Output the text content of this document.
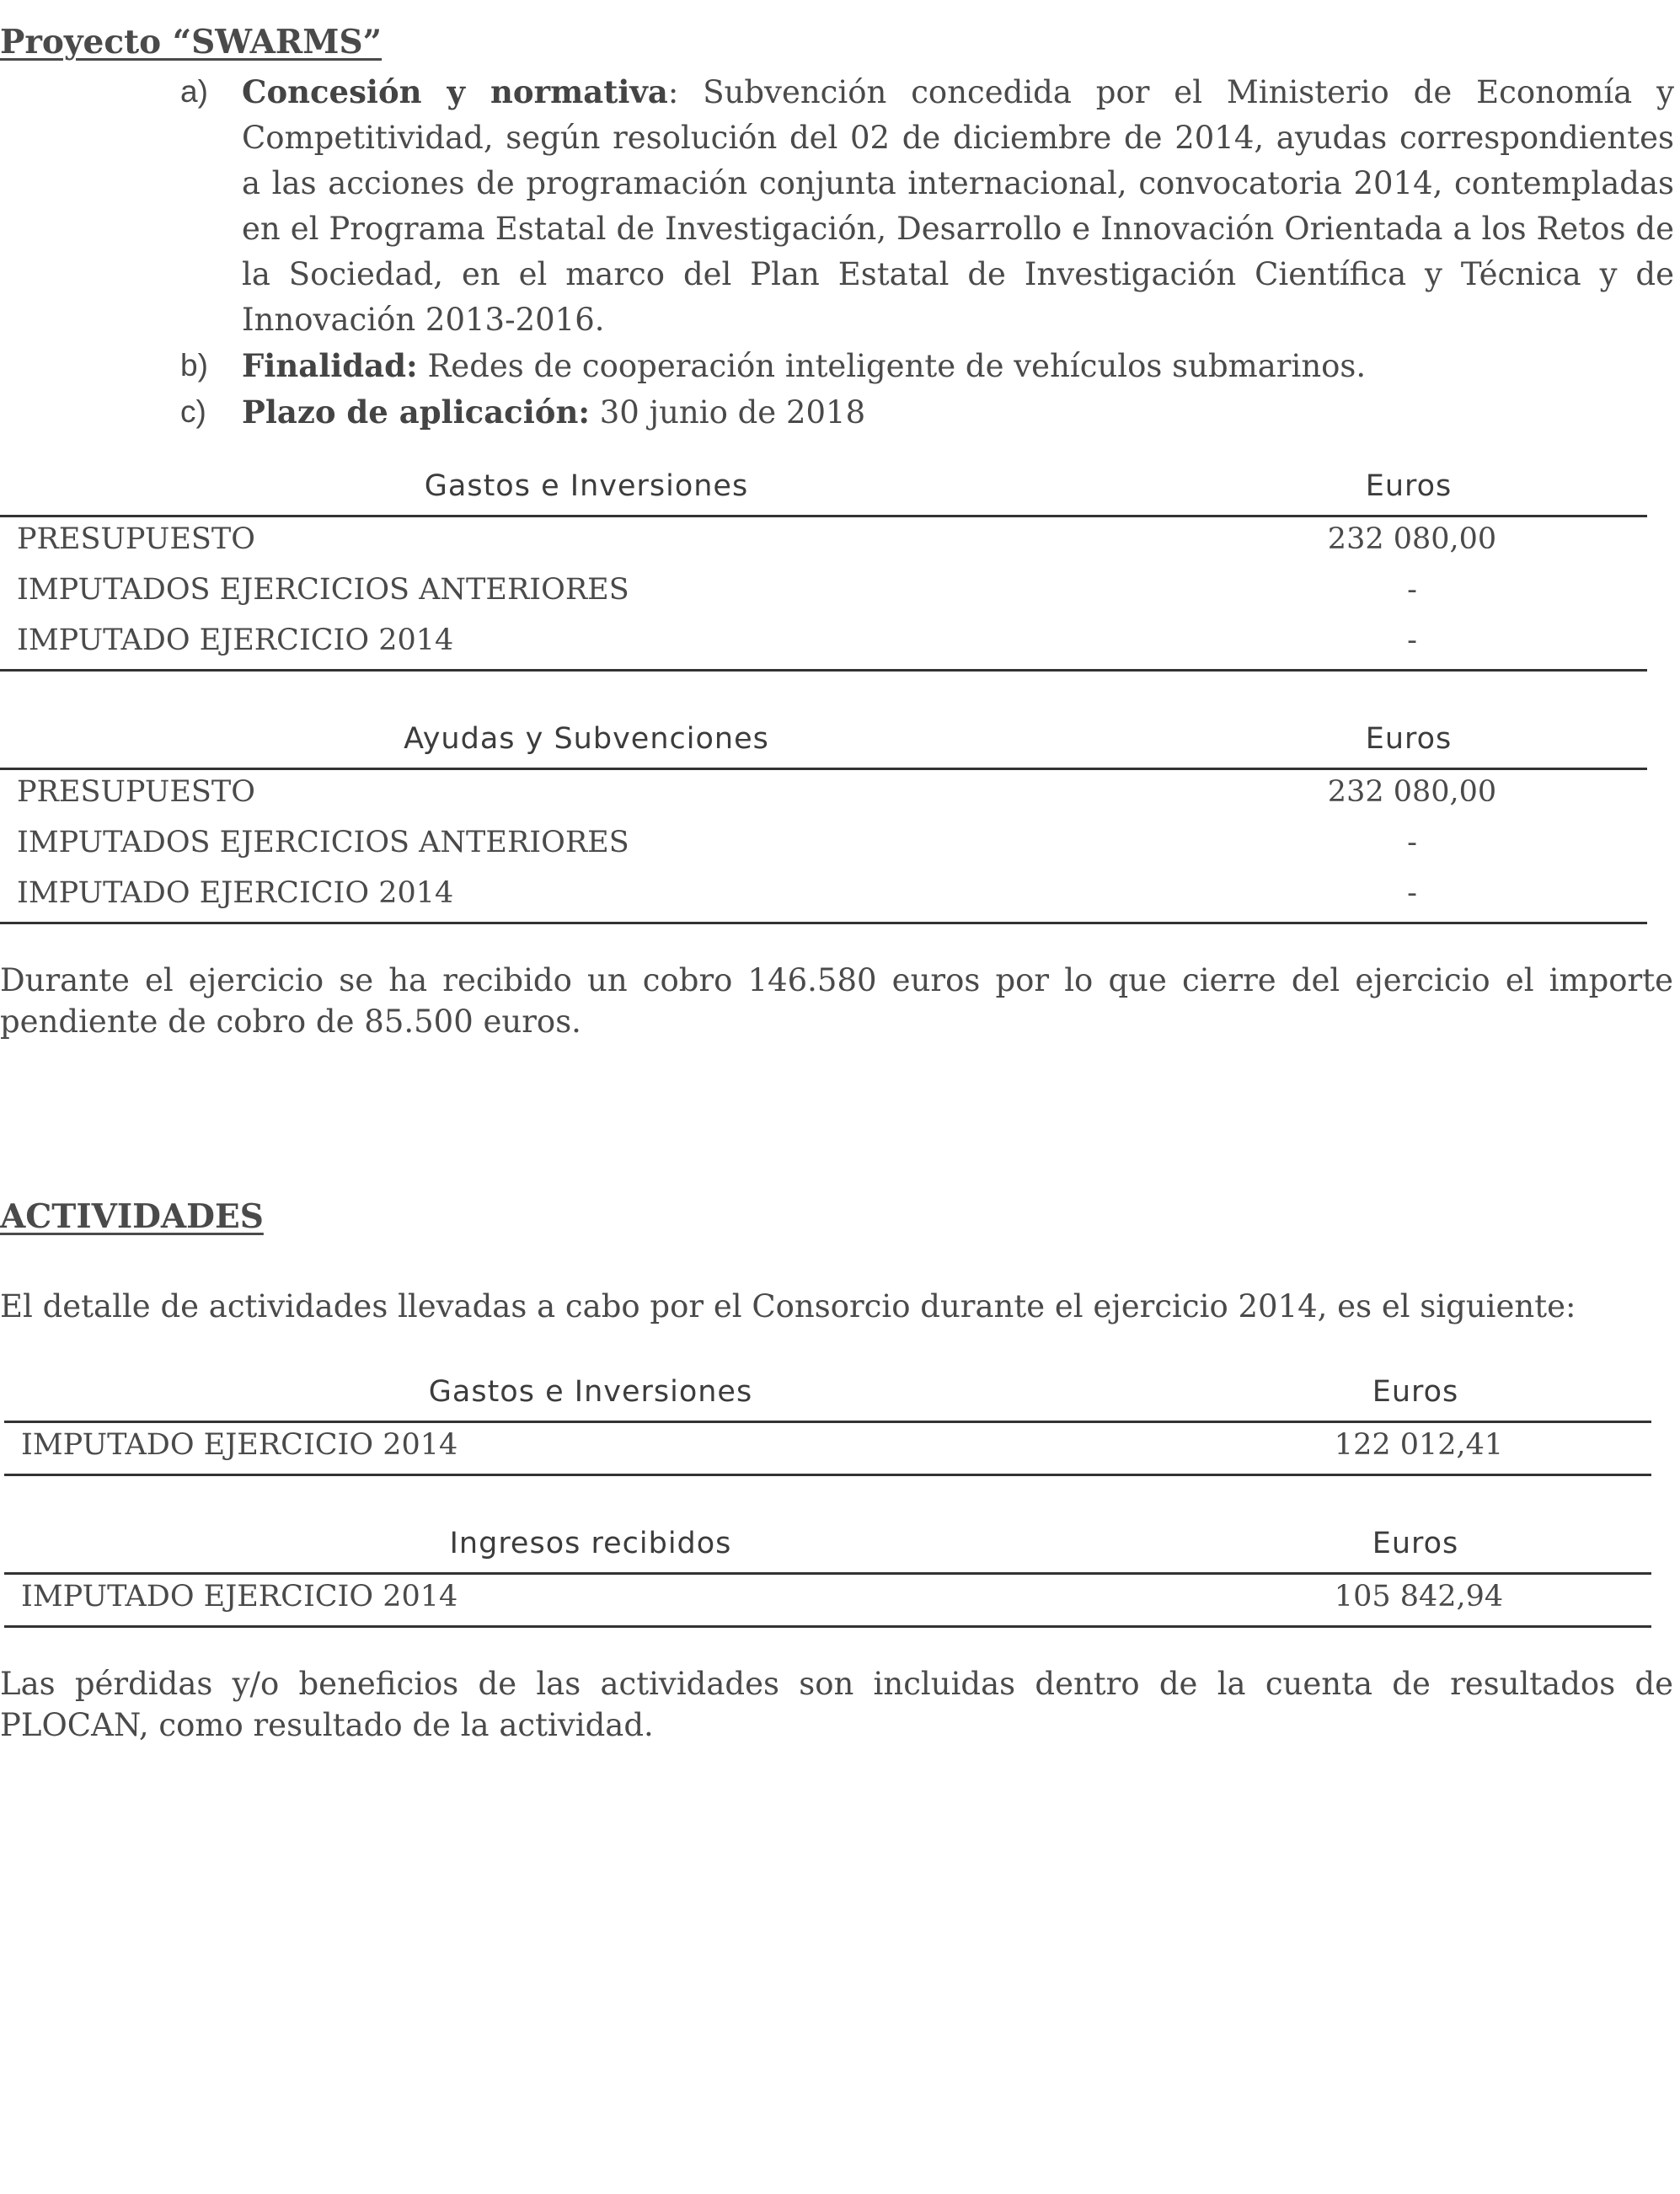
Proyecto “SWARMS”

a) Concesión y normativa: Subvención concedida por el Ministerio de Economía y Competitividad, según resolución del 02 de diciembre de 2014, ayudas correspondientes a las acciones de programación conjunta internacional, convocatoria 2014, contempladas en el Programa Estatal de Investigación, Desarrollo e Innovación Orientada a los Retos de la Sociedad, en el marco del Plan Estatal de Investigación Científica y Técnica y de Innovación 2013-2016.

b) Finalidad: Redes de cooperación inteligente de vehículos submarinos.

c) Plazo de aplicación: 30 junio de 2018

Gastos e Inversiones	Euros
PRESUPUESTO	232 080,00
IMPUTADOS EJERCICIOS ANTERIORES	-
IMPUTADO EJERCICIO 2014	-
Ayudas y Subvenciones	Euros
PRESUPUESTO	232 080,00
IMPUTADOS EJERCICIOS ANTERIORES	-
IMPUTADO EJERCICIO 2014	-

Durante el ejercicio se ha recibido un cobro 146.580 euros por lo que cierre del ejercicio el importe pendiente de cobro de 85.500 euros.

ACTIVIDADES

El detalle de actividades llevadas a cabo por el Consorcio durante el ejercicio 2014, es el siguiente:

Gastos e Inversiones	Euros
IMPUTADO EJERCICIO 2014	122 012,41
Ingresos recibidos	Euros
IMPUTADO EJERCICIO 2014	105 842,94

Las pérdidas y/o beneficios de las actividades son incluidas dentro de la cuenta de resultados de PLOCAN, como resultado de la actividad.
